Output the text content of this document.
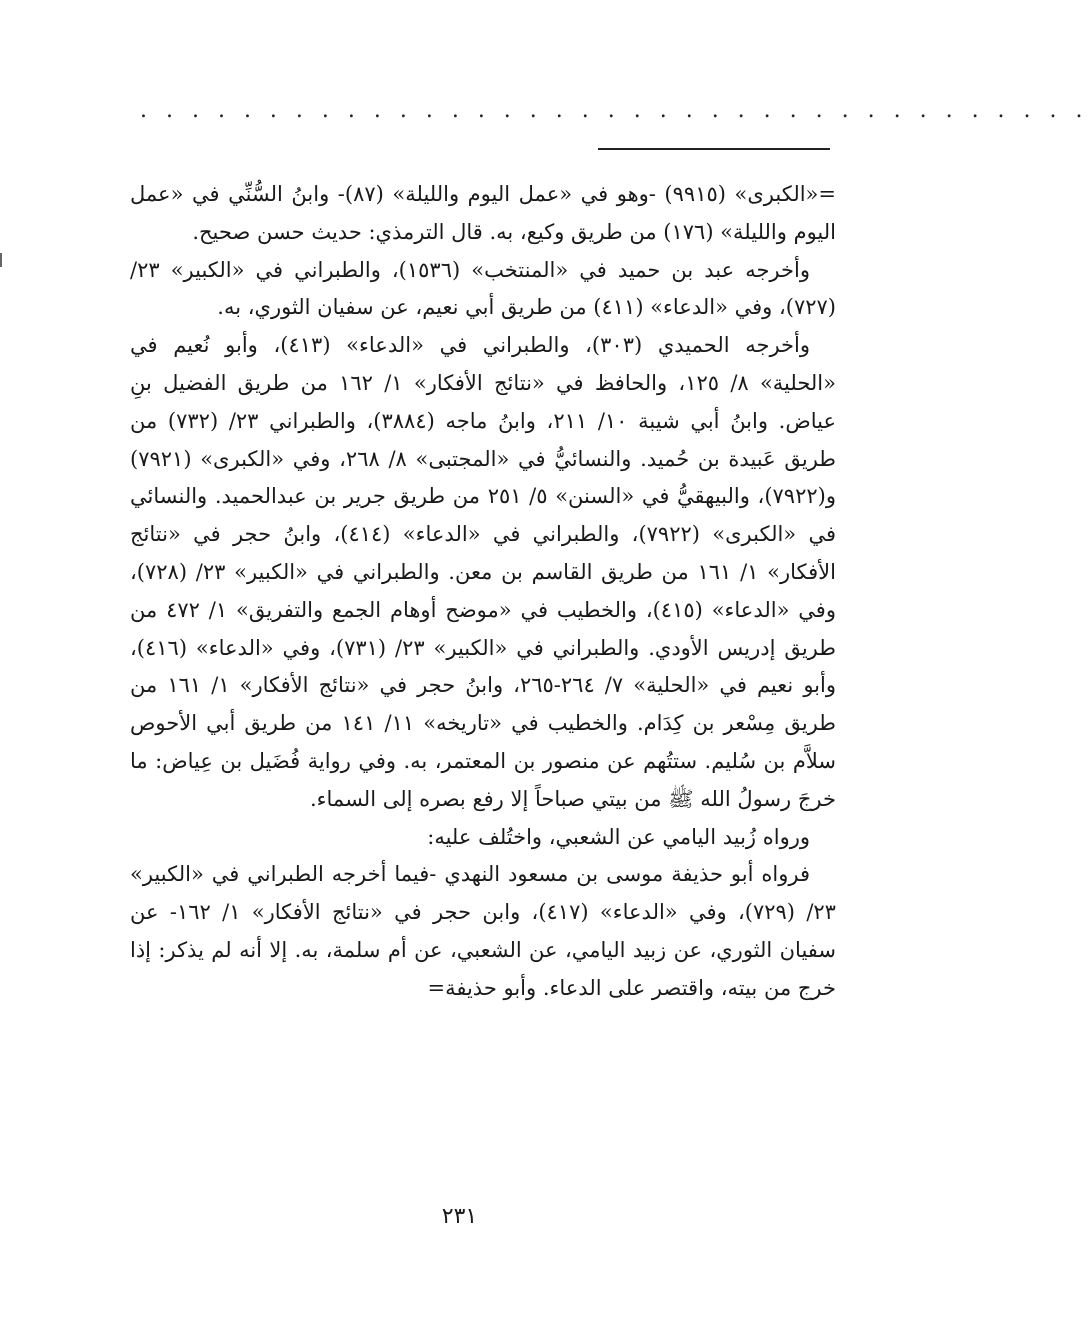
. . . . . . . . . . . . . . . . . . . . . . . . . . . . . . . . . . . . .

=«الكبرى» (٩٩١٥) -وهو في «عمل اليوم والليلة» (٨٧)- وابنُ السُّنِّي في «عمل اليوم والليلة» (١٧٦) من طريق وكيع، به. قال الترمذي: حديث حسن صحيح.

وأخرجه عبد بن حميد في «المنتخب» (١٥٣٦)، والطبراني في «الكبير» ٢٣/ (٧٢٧)، وفي «الدعاء» (٤١١) من طريق أبي نعيم، عن سفيان الثوري، به.

وأخرجه الحميدي (٣٠٣)، والطبراني في «الدعاء» (٤١٣)، وأبو نُعيم في «الحلية» ٨/ ١٢٥، والحافظ في «نتائج الأفكار» ١/ ١٦٢ من طريق الفضيل بنِ عياض. وابنُ أبي شيبة ١٠/ ٢١١، وابنُ ماجه (٣٨٨٤)، والطبراني ٢٣/ (٧٣٢) من طريق عَبيدة بن حُميد. والنسائيُّ في «المجتبى» ٨/ ٢٦٨، وفي «الكبرى» (٧٩٢١) و(٧٩٢٢)، والبيهقيُّ في «السنن» ٥/ ٢٥١ من طريق جرير بن عبدالحميد. والنسائي في «الكبرى» (٧٩٢٢)، والطبراني في «الدعاء» (٤١٤)، وابنُ حجر في «نتائج الأفكار» ١/ ١٦١ من طريق القاسم بن معن. والطبراني في «الكبير» ٢٣/ (٧٢٨)، وفي «الدعاء» (٤١٥)، والخطيب في «موضح أوهام الجمع والتفريق» ١/ ٤٧٢ من طريق إدريس الأودي. والطبراني في «الكبير» ٢٣/ (٧٣١)، وفي «الدعاء» (٤١٦)، وأبو نعيم في «الحلية» ٧/ ٢٦٤-٢٦٥، وابنُ حجر في «نتائج الأفكار» ١/ ١٦١ من طريق مِسْعر بن كِدَام. والخطيب في «تاريخه» ١١/ ١٤١ من طريق أبي الأحوص سلاَّم بن سُليم. ستتُهم عن منصور بن المعتمر، به. وفي رواية فُضَيل بن عِياض: ما خرجَ رسولُ الله ﷺ من بيتي صباحاً إلا رفع بصره إلى السماء.

ورواه زُبيد اليامي عن الشعبي، واختُلف عليه:

فرواه أبو حذيفة موسى بن مسعود النهدي -فيما أخرجه الطبراني في «الكبير» ٢٣/ (٧٢٩)، وفي «الدعاء» (٤١٧)، وابن حجر في «نتائج الأفكار» ١/ ١٦٢- عن سفيان الثوري، عن زبيد اليامي، عن الشعبي، عن أم سلمة، به. إلا أنه لم يذكر: إذا خرج من بيته، واقتصر على الدعاء. وأبو حذيفة=

٢٣١
